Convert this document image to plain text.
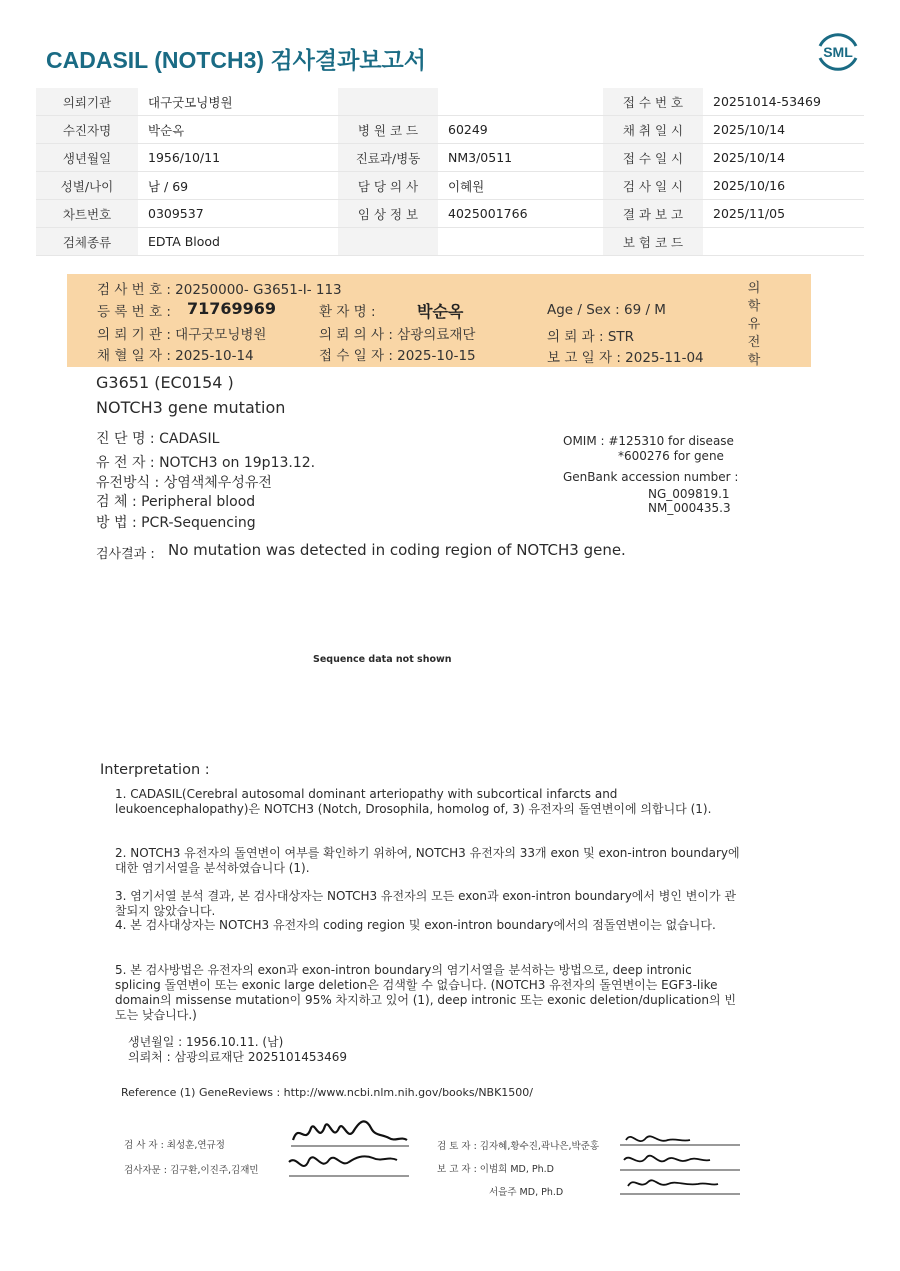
CADASIL (NOTCH3) 검사결과보고서	SML
의뢰기관	대구굿모닝병원			접 수 번 호	20251014-53469
수진자명	박순옥	병 원 코 드	60249	채 취 일 시	2025/10/14
생년월일	1956/10/11	진료과/병동	NM3/0511	접 수 일 시	2025/10/14
성별/나이	남 / 69	담 당 의 사	이혜원	검 사 일 시	2025/10/16
차트번호	0309537	임 상 정 보	4025001766	결 과 보 고	2025/11/05
검체종류	EDTA Blood			보 험 코 드	
검 사 번 호 : 20250000- G3651-I- 113
등 록 번 호 : 71769969	환 자 명 :	박순옥	Age / Sex : 69 / M
의 뢰 기 관 : 대구굿모닝병원	의 뢰 의 사 : 삼광의료재단	의 뢰 과 : STR
채 혈 일 자 : 2025-10-14	접 수 일 자 : 2025-10-15	보 고 일 자 : 2025-11-04
의
학
유
전
학
G3651 (EC0154 )
NOTCH3 gene mutation
진 단 명 : CADASIL
유 전 자 : NOTCH3 on 19p13.12.
유전방식 : 상염색체우성유전
검 체 : Peripheral blood
방 법 : PCR-Sequencing
OMIM : #125310 for disease
*600276 for gene
GenBank accession number :
NG_009819.1
NM_000435.3
검사결과 : No mutation was detected in coding region of NOTCH3 gene.
Sequence data not shown
Interpretation :
1. CADASIL(Cerebral autosomal dominant arteriopathy with subcortical infarcts and leukoencephalopathy)은 NOTCH3 (Notch, Drosophila, homolog of, 3) 유전자의 돌연변이에 의합니다 (1).
2. NOTCH3 유전자의 돌연변이 여부를 확인하기 위하여, NOTCH3 유전자의 33개 exon 및 exon-intron boundary에 대한 염기서열을 분석하였습니다 (1).
3. 염기서열 분석 결과, 본 검사대상자는 NOTCH3 유전자의 모든 exon과 exon-intron boundary에서 병인 변이가 관찰되지 않았습니다.
4. 본 검사대상자는 NOTCH3 유전자의 coding region 및 exon-intron boundary에서의 점돌연변이는 없습니다.
5. 본 검사방법은 유전자의 exon과 exon-intron boundary의 염기서열을 분석하는 방법으로, deep intronic splicing 돌연변이 또는 exonic large deletion은 검색할 수 없습니다. (NOTCH3 유전자의 돌연변이는 EGF3-like domain의 missense mutation이 95% 차지하고 있어 (1), deep intronic 또는 exonic deletion/duplication의 빈도는 낮습니다.)
생년월일 : 1956.10.11. (남)
의뢰처 : 삼광의료재단 2025101453469
Reference (1) GeneReviews : http://www.ncbi.nlm.nih.gov/books/NBK1500/
검 사 자 : 최성훈,연규정
검사자문 : 김구환,이진주,김재민
검 토 자 : 김자혜,황수진,곽나은,박준홍
보 고 자 : 이범희 MD, Ph.D
서을주 MD, Ph.D
